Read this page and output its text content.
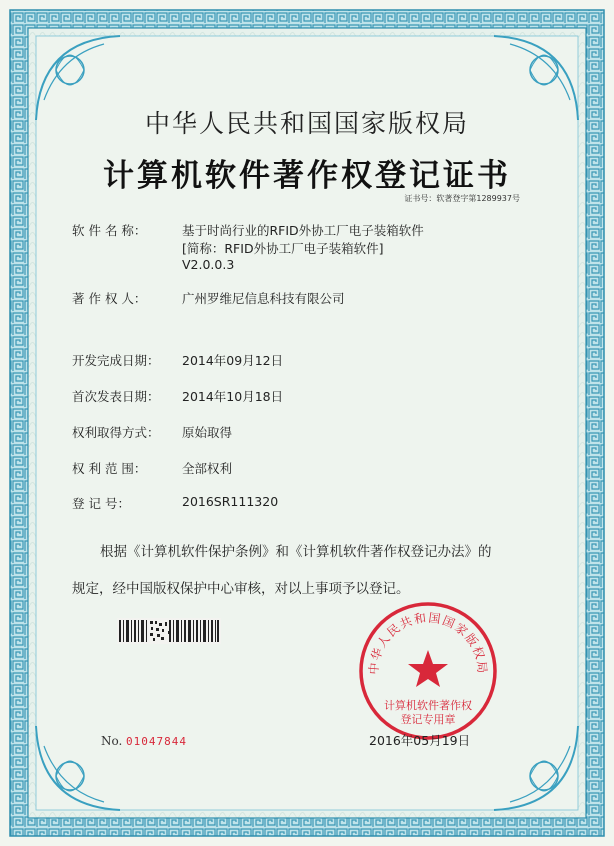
中华人民共和国国家版权局
计算机软件著作权登记证书
证书号：软著登字第1289937号
软 件 名 称：	基于时尚行业的RFID外协工厂电子装箱软件
[简称：RFID外协工厂电子装箱软件]
V2.0.0.3
著 作 权 人：	广州罗维尼信息科技有限公司
开发完成日期： 2014年09月12日
首次发表日期： 2014年10月18日
权利取得方式： 原始取得
权 利 范 围：	全部权利
登 记 号：	2016SR111320
根据《计算机软件保护条例》和《计算机软件著作权登记办法》的
规定，经中国版权保护中心审核，对以上事项予以登记。
中华人民共和国国家版权局
计算机软件著作权
登记专用章
No. 01047844	2016年05月19日
